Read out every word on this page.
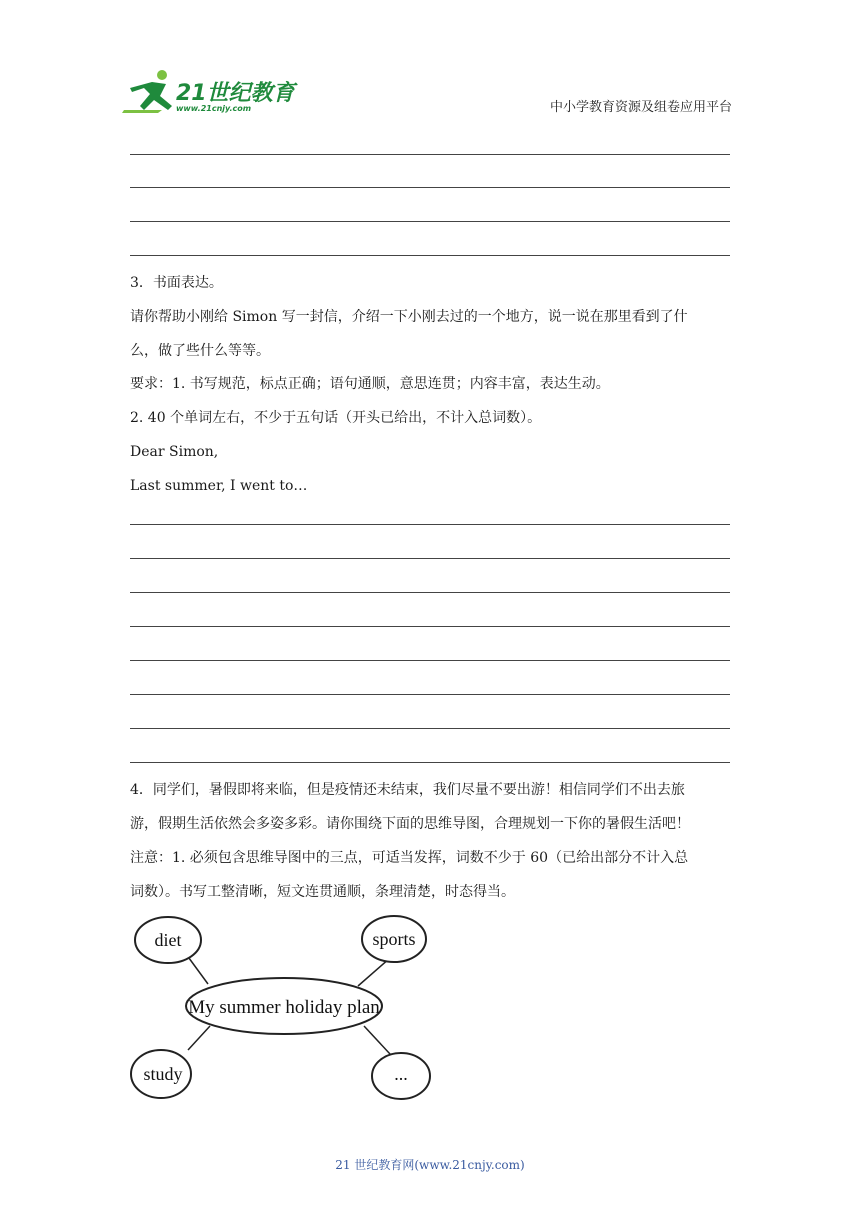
21世纪教育
www.21cnjy.com	中小学教育资源及组卷应用平台
3．书面表达。
请你帮助小刚给 Simon 写一封信，介绍一下小刚去过的一个地方，说一说在那里看到了什
么，做了些什么等等。
要求：1. 书写规范，标点正确；语句通顺，意思连贯；内容丰富，表达生动。
2. 40 个单词左右，不少于五句话（开头已给出，不计入总词数）。
Dear Simon,
Last summer, I went to…
4．同学们，暑假即将来临，但是疫情还未结束，我们尽量不要出游！相信同学们不出去旅
游，假期生活依然会多姿多彩。请你围绕下面的思维导图，合理规划一下你的暑假生活吧！
注意：1. 必须包含思维导图中的三点，可适当发挥，词数不少于 60（已给出部分不计入总
词数）。书写工整清晰，短文连贯通顺，条理清楚，时态得当。
diet	sports
My summer holiday plan
study	...
21 世纪教育网(www.21cnjy.com)
